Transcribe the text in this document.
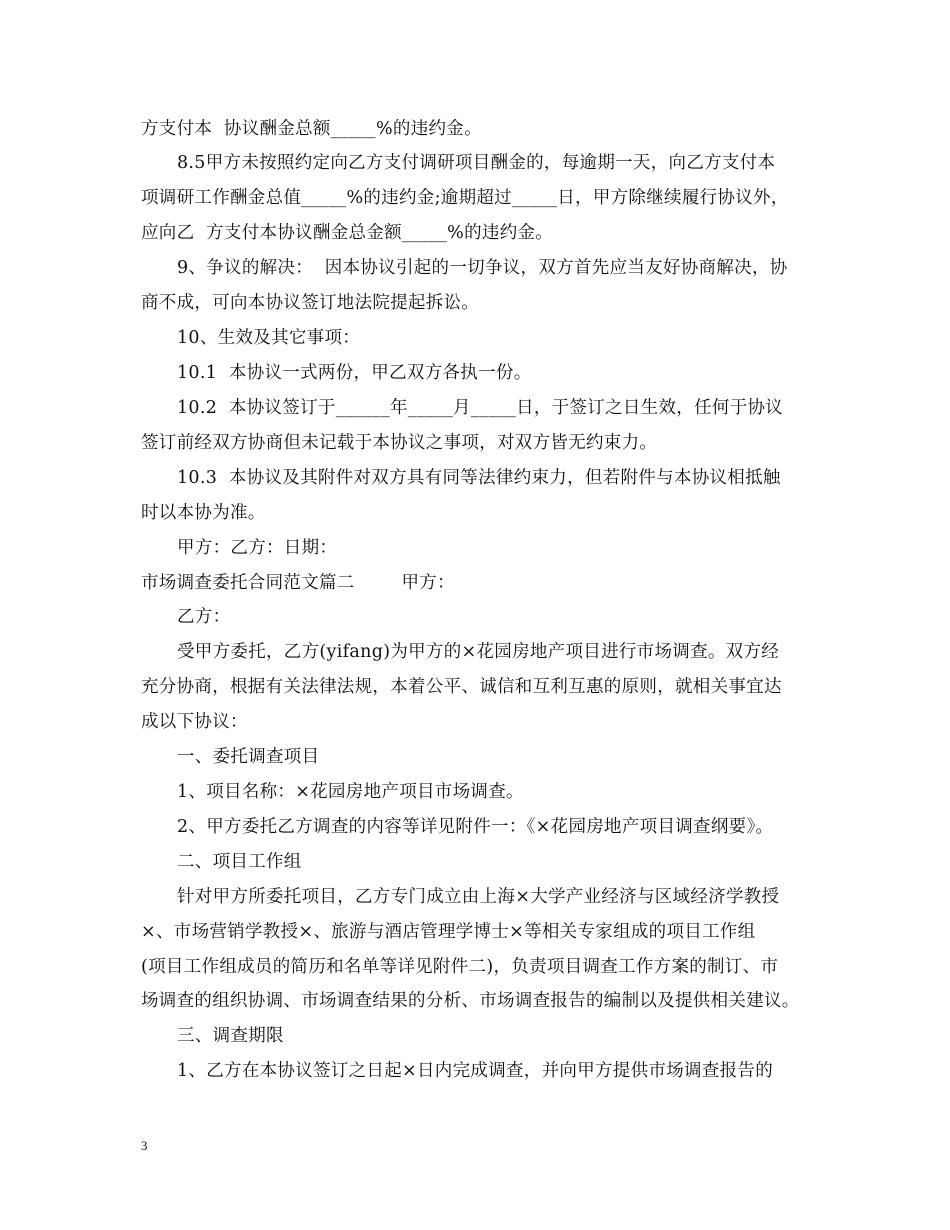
方支付本  协议酬金总额_____%的违约金。
8.5甲方未按照约定向乙方支付调研项目酬金的，每逾期一天，向乙方支付本
项调研工作酬金总值_____%的违约金;逾期超过_____日，甲方除继续履行协议外，
应向乙  方支付本协议酬金总金额_____%的违约金。
9、争议的解决：  因本协议引起的一切争议，双方首先应当友好协商解决，协
商不成，可向本协议签订地法院提起拆讼。
10、生效及其它事项：
10.1  本协议一式两份，甲乙双方各执一份。
10.2  本协议签订于______年_____月_____日，于签订之日生效，任何于协议
签订前经双方协商但未记载于本协议之事项，对双方皆无约束力。
10.3  本协议及其附件对双方具有同等法律约束力，但若附件与本协议相抵触
时以本协为准。
甲方：乙方：日期：
市场调查委托合同范文篇二        甲方：
乙方：
受甲方委托，乙方(yifang)为甲方的×花园房地产项目进行市场调查。双方经
充分协商，根据有关法律法规，本着公平、诚信和互利互惠的原则，就相关事宜达
成以下协议：
一、委托调查项目
1、项目名称：×花园房地产项目市场调查。
2、甲方委托乙方调查的内容等详见附件一：《×花园房地产项目调查纲要》。
二、项目工作组
针对甲方所委托项目，乙方专门成立由上海×大学产业经济与区域经济学教授
×、市场营销学教授×、旅游与酒店管理学博士×等相关专家组成的项目工作组
(项目工作组成员的简历和名单等详见附件二)，负责项目调查工作方案的制订、市
场调查的组织协调、市场调查结果的分析、市场调查报告的编制以及提供相关建议。
三、调查期限
1、乙方在本协议签订之日起×日内完成调查，并向甲方提供市场调查报告的
3
